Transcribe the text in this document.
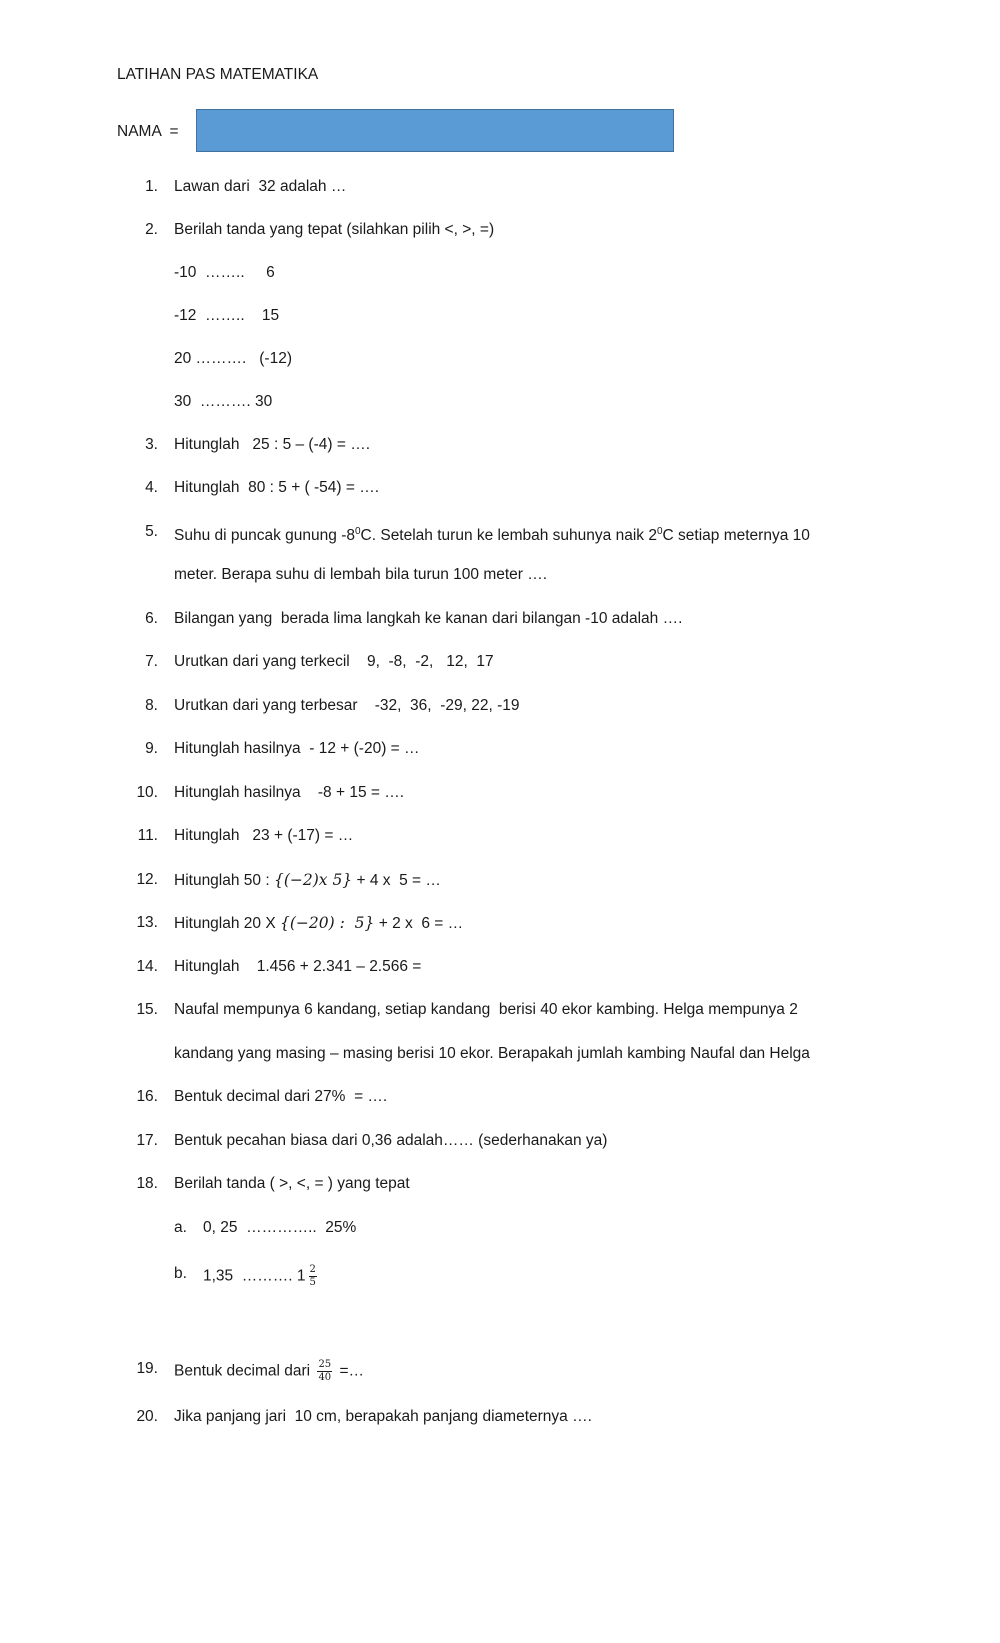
LATIHAN PAS MATEMATIKA
NAMA  =
1. Lawan dari  32 adalah …
2. Berilah tanda yang tepat (silahkan pilih <, >, =)
-10  ……..     6
-12  ……..    15
20 ……….   (-12)
30  ………. 30
3. Hitunglah   25 : 5 – (-4) = ….
4. Hitunglah  80 : 5 + ( -54) = ….
5. Suhu di puncak gunung $-8^0C$. Setelah turun ke lembah suhunya naik $2^0C$ setiap meternya 10
meter. Berapa suhu di lembah bila turun 100 meter ….
6. Bilangan yang  berada lima langkah ke kanan dari bilangan -10 adalah ….
7. Urutkan dari yang terkecil    9,  -8,  -2,   12,  17
8. Urutkan dari yang terbesar    -32,  36,  -29, 22, -19
9. Hitunglah hasilnya  - 12 + (-20) = …
10. Hitunglah hasilnya    -8 + 15 = ….
11. Hitunglah   23 + (-17) = …
12. Hitunglah 50 : {(−2)x 5} + 4 x  5 = …
13. Hitunglah 20 X {(−20) :  5} + 2 x  6 = …
14. Hitunglah    1.456 + 2.341 – 2.566 =
15. Naufal mempunya 6 kandang, setiap kandang  berisi 40 ekor kambing. Helga mempunya 2
kandang yang masing – masing berisi 10 ekor. Berapakah jumlah kambing Naufal dan Helga
16. Bentuk decimal dari 27%  = ….
17. Bentuk pecahan biasa dari 0,36 adalah…… (sederhanakan ya)
18. Berilah tanda ( >, <, = ) yang tepat
a. 0, 25  …………..  25%
b. 1,35  ………. $1 \frac{2}{5}$
19. Bentuk decimal dari $\frac{25}{40}$ =…
20. Jika panjang jari  10 cm, berapakah panjang diameternya ….
